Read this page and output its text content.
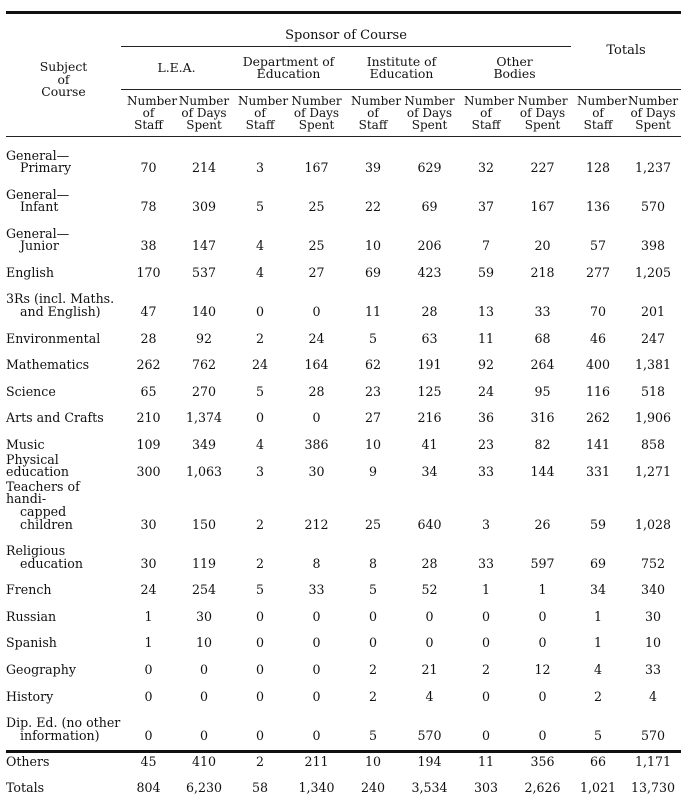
Subject of Course	Sponsor of Course								Totals	
	L.E.A.		Department of Education		Institute of Education		Other Bodies			
	Number of Staff	Number of Days Spent	Number of Staff	Number of Days Spent	Number of Staff	Number of Days Spent	Number of Staff	Number of Days Spent	Number of Staff	Number of Days Spent

General—
Primary	70	214	3	167	39	629	32	227	128	1,237

General—
Infant	78	309	5	25	22	69	37	167	136	570

General—
Junior	38	147	4	25	10	206	7	20	57	398

English	170	537	4	27	69	423	59	218	277	1,205

3Rs (incl. Maths.
and English)	47	140	0	0	11	28	13	33	70	201

Environmental	28	92	2	24	5	63	11	68	46	247

Mathematics	262	762	24	164	62	191	92	264	400	1,381

Science	65	270	5	28	23	125	24	95	116	518

Arts and Crafts	210	1,374	0	0	27	216	36	316	262	1,906

Music	109	349	4	386	10	41	23	82	141	858

Physical education	300	1,063	3	30	9	34	33	144	331	1,271

Teachers of handi-
capped children	30	150	2	212	25	640	3	26	59	1,028

Religious
education	30	119	2	8	8	28	33	597	69	752

French	24	254	5	33	5	52	1	1	34	340

Russian	1	30	0	0	0	0	0	0	1	30

Spanish	1	10	0	0	0	0	0	0	1	10

Geography	0	0	0	0	2	21	2	12	4	33

History	0	0	0	0	2	4	0	0	2	4

Dip. Ed. (no other
information)	0	0	0	0	5	570	0	0	5	570

Others	45	410	2	211	10	194	11	356	66	1,171

Totals	804	6,230	58	1,340	240	3,534	303	2,626	1,021	13,730
